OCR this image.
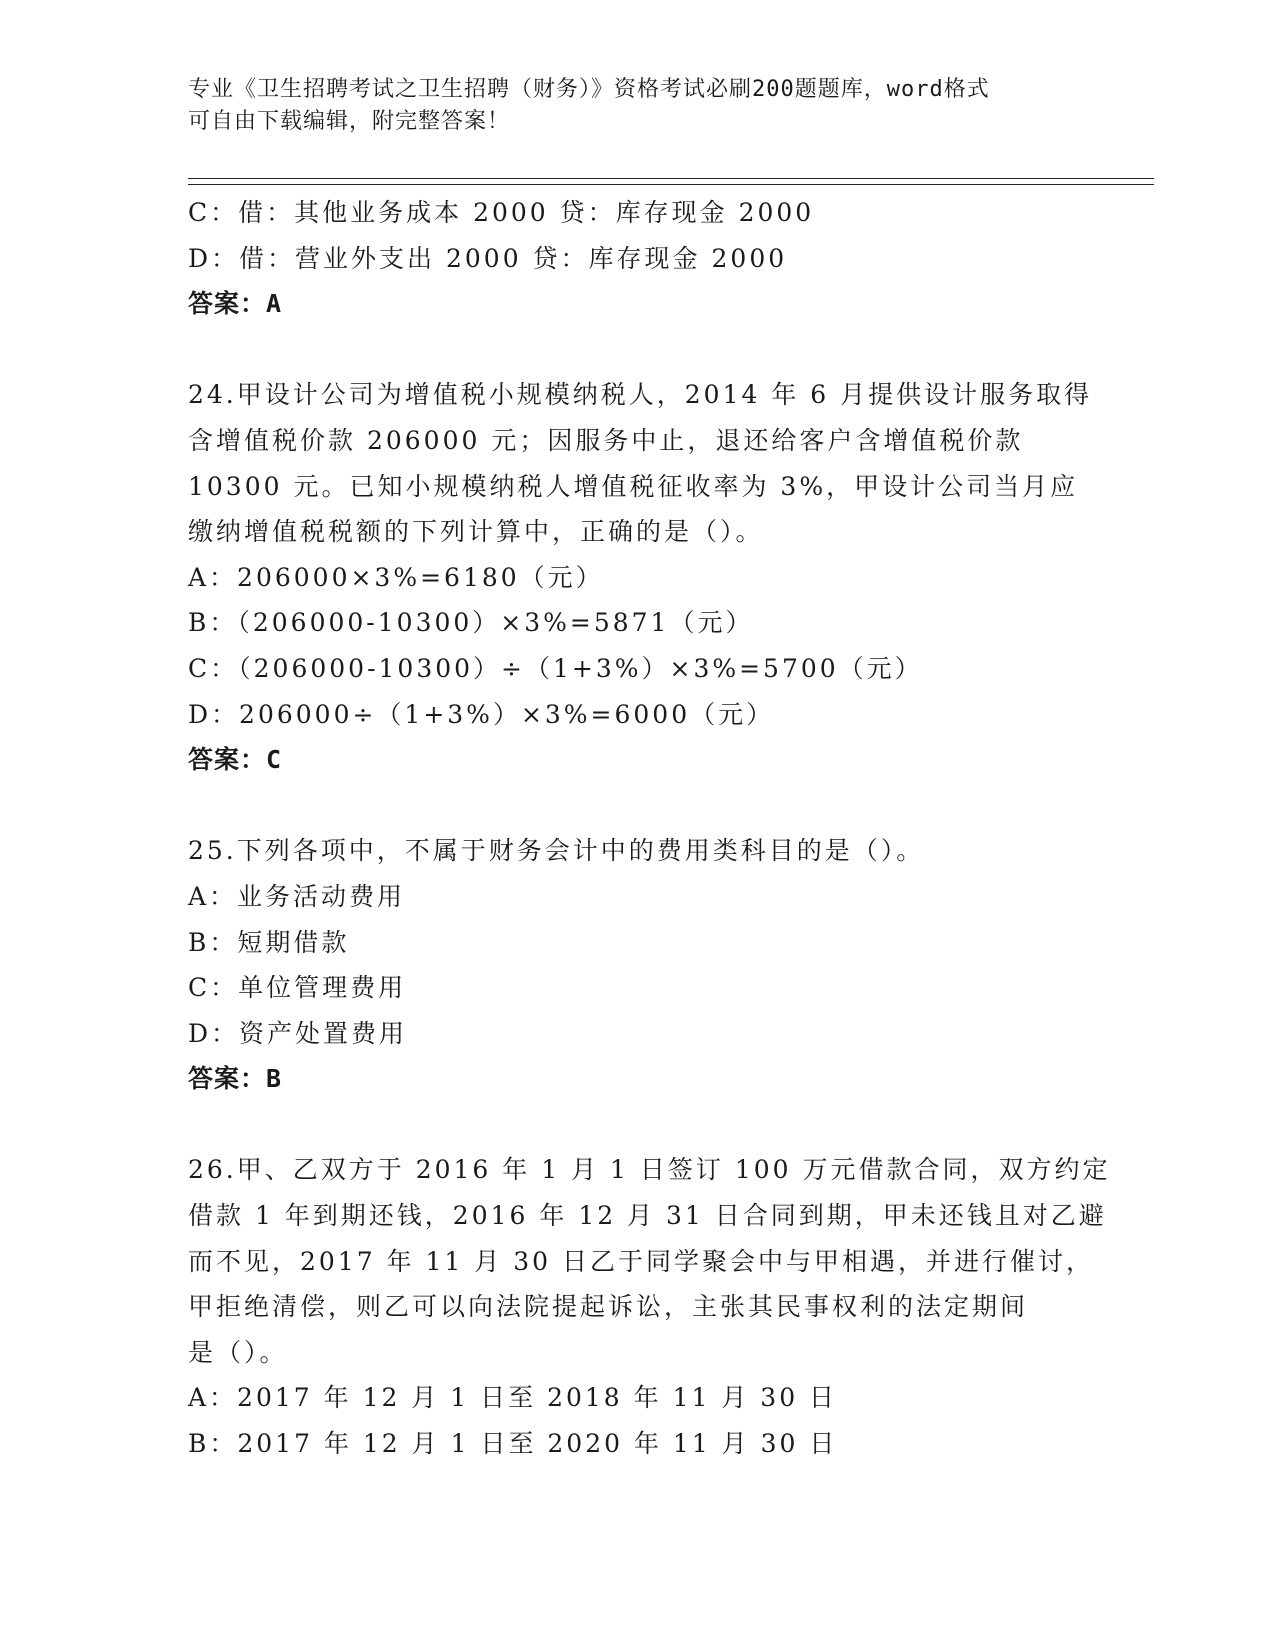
专业《卫生招聘考试之卫生招聘（财务）》资格考试必刷200题题库，word格式
可自由下载编辑，附完整答案！
C：借：其他业务成本 2000 贷：库存现金 2000
D：借：营业外支出 2000 贷：库存现金 2000
答案：A
24.甲设计公司为增值税小规模纳税人，2014 年 6 月提供设计服务取得
含增值税价款 206000 元；因服务中止，退还给客户含增值税价款
10300 元。已知小规模纳税人增值税征收率为 3%，甲设计公司当月应
缴纳增值税税额的下列计算中，正确的是（）。
A：206000×3%=6180（元）
B：（206000-10300）×3%=5871（元）
C：（206000-10300）÷（1+3%）×3%=5700（元）
D：206000÷（1+3%）×3%=6000（元）
答案：C
25.下列各项中，不属于财务会计中的费用类科目的是（）。
A：业务活动费用
B：短期借款
C：单位管理费用
D：资产处置费用
答案：B
26.甲、乙双方于 2016 年 1 月 1 日签订 100 万元借款合同，双方约定
借款 1 年到期还钱，2016 年 12 月 31 日合同到期，甲未还钱且对乙避
而不见，2017 年 11 月 30 日乙于同学聚会中与甲相遇，并进行催讨，
甲拒绝清偿，则乙可以向法院提起诉讼，主张其民事权利的法定期间
是（）。
A：2017 年 12 月 1 日至 2018 年 11 月 30 日
B：2017 年 12 月 1 日至 2020 年 11 月 30 日
